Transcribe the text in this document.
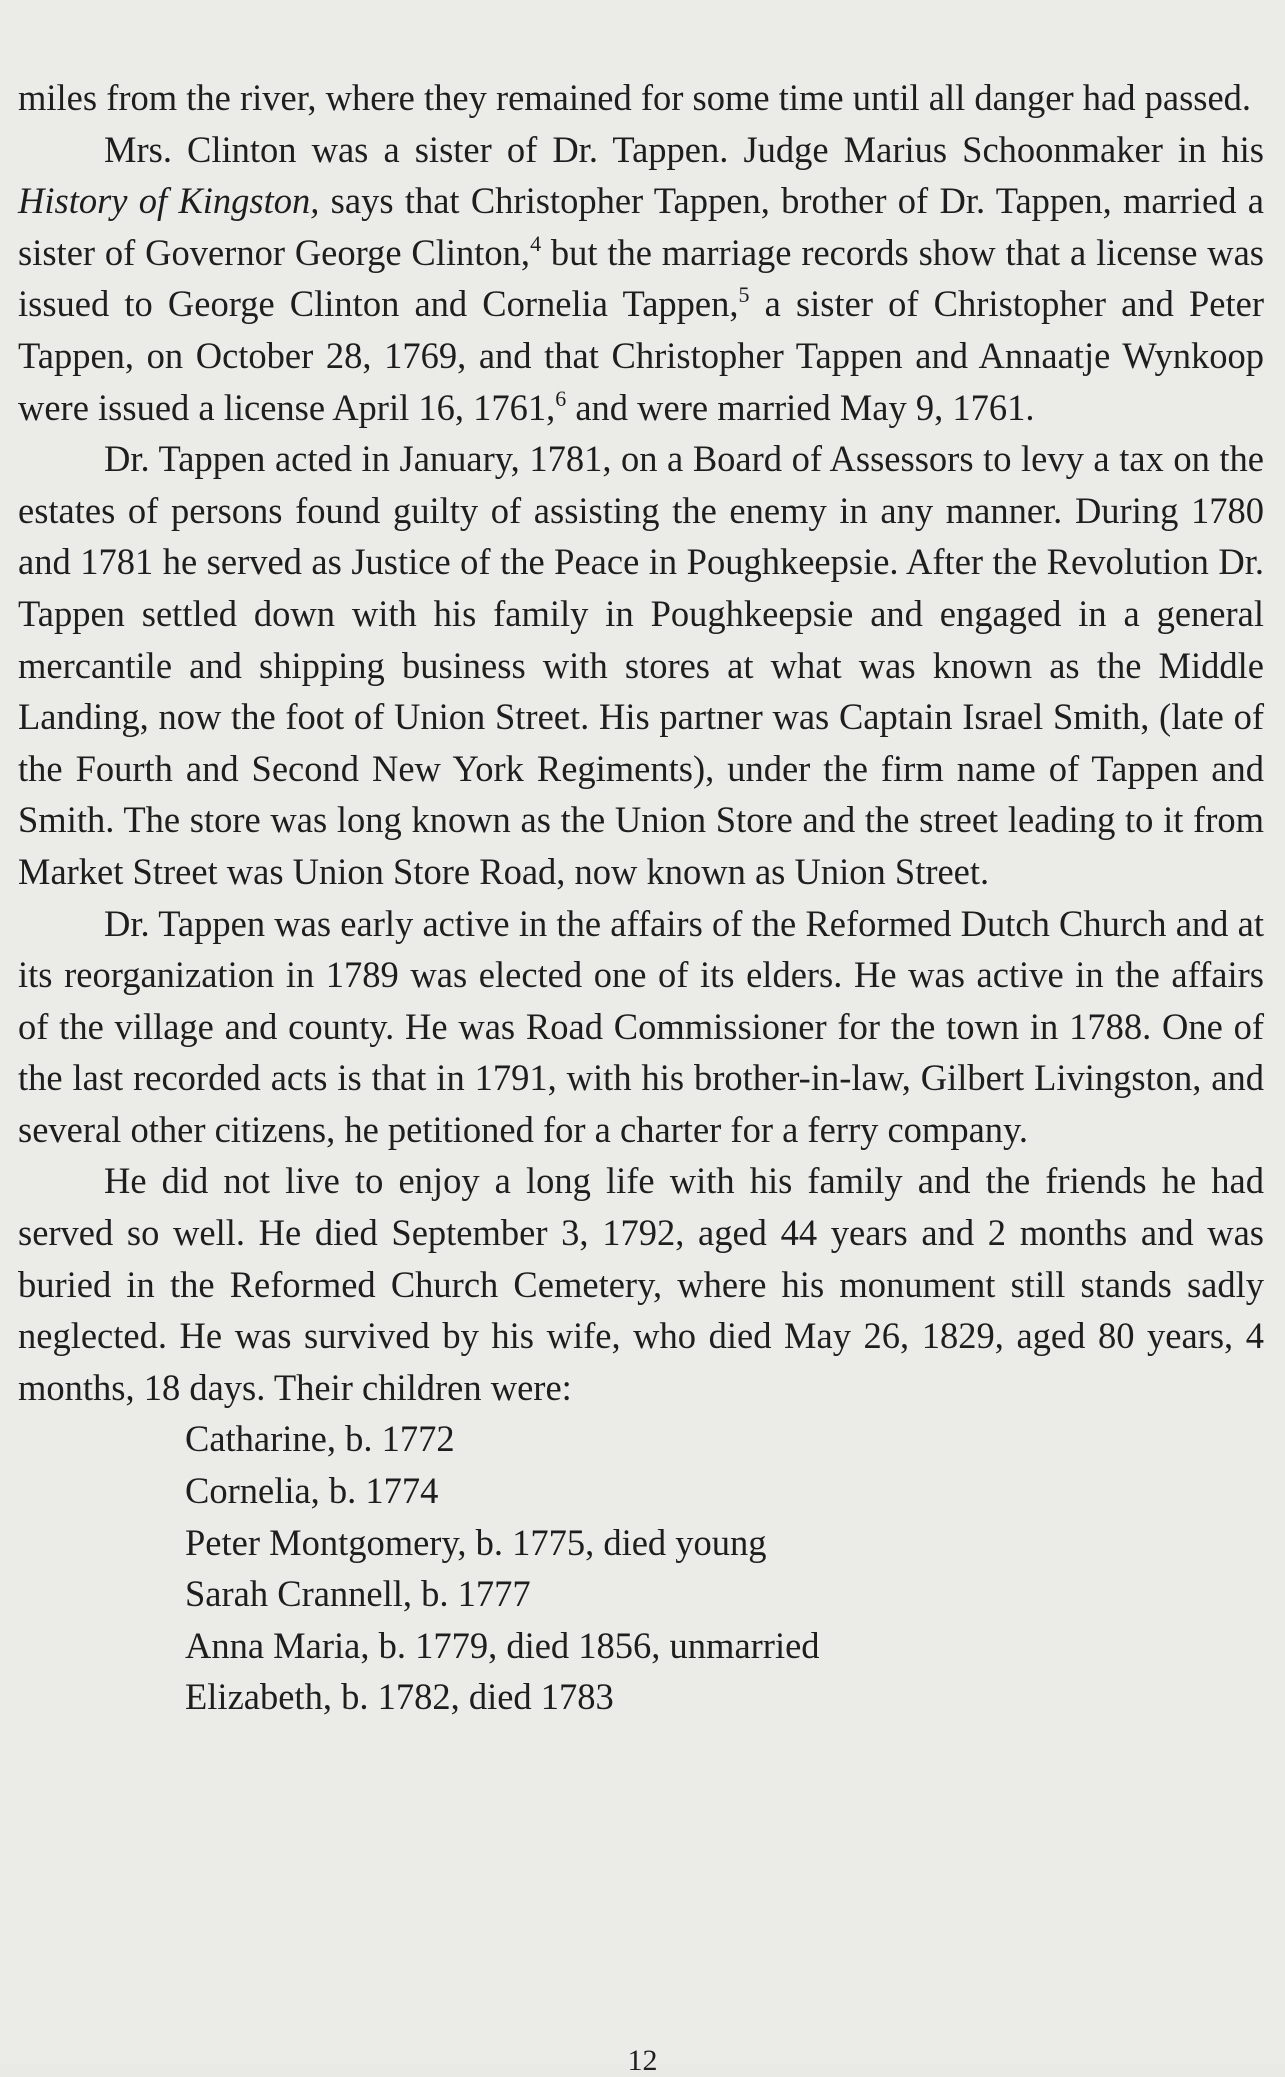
miles from the river, where they remained for some time until all danger had passed.

Mrs. Clinton was a sister of Dr. Tappen. Judge Marius Schoonmaker in his History of Kingston, says that Christopher Tappen, brother of Dr. Tappen, married a sister of Governor George Clinton,$^4$ but the marriage records show that a license was issued to George Clinton and Cornelia Tappen,$^5$ a sister of Christopher and Peter Tappen, on October 28, 1769, and that Christopher Tappen and Annaatje Wynkoop were issued a license April 16, 1761,$^6$ and were married May 9, 1761.

Dr. Tappen acted in January, 1781, on a Board of Assessors to levy a tax on the estates of persons found guilty of assisting the enemy in any manner. During 1780 and 1781 he served as Justice of the Peace in Poughkeepsie. After the Revolution Dr. Tappen settled down with his family in Poughkeepsie and engaged in a general mercantile and shipping business with stores at what was known as the Middle Landing, now the foot of Union Street. His partner was Captain Israel Smith, (late of the Fourth and Second New York Regiments), under the firm name of Tappen and Smith. The store was long known as the Union Store and the street leading to it from Market Street was Union Store Road, now known as Union Street.

Dr. Tappen was early active in the affairs of the Reformed Dutch Church and at its reorganization in 1789 was elected one of its elders. He was active in the affairs of the village and county. He was Road Commissioner for the town in 1788. One of the last recorded acts is that in 1791, with his brother-in-law, Gilbert Livingston, and several other citizens, he petitioned for a charter for a ferry company.

He did not live to enjoy a long life with his family and the friends he had served so well. He died September 3, 1792, aged 44 years and 2 months and was buried in the Reformed Church Cemetery, where his monument still stands sadly neglected. He was survived by his wife, who died May 26, 1829, aged 80 years, 4 months, 18 days. Their children were:

Catharine, b. 1772
Cornelia, b. 1774
Peter Montgomery, b. 1775, died young
Sarah Crannell, b. 1777
Anna Maria, b. 1779, died 1856, unmarried
Elizabeth, b. 1782, died 1783
12
